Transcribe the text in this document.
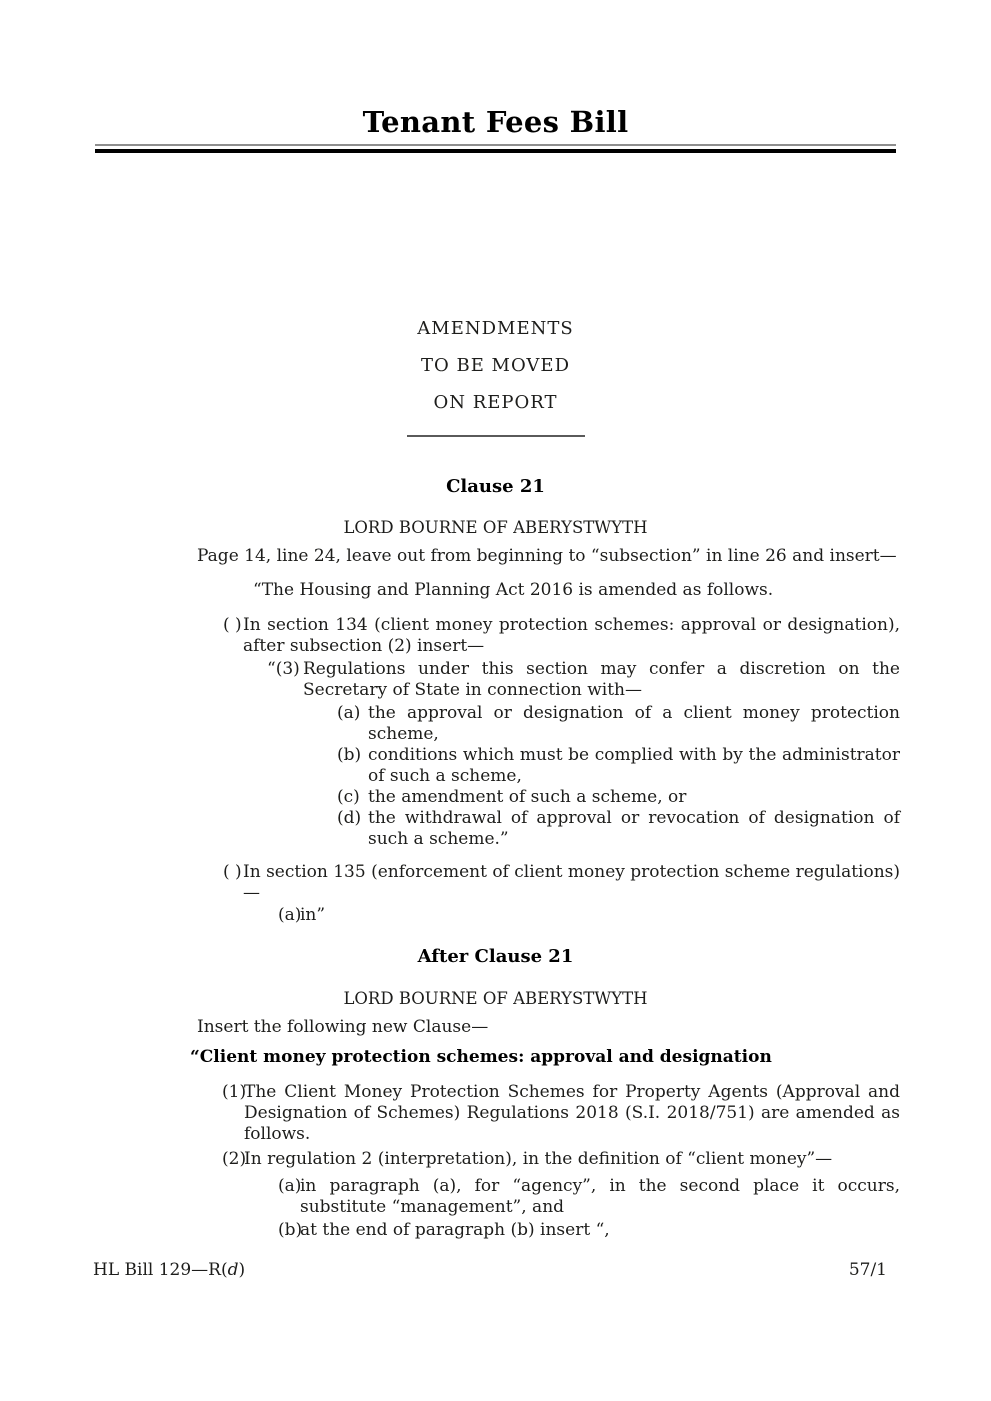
Tenant Fees Bill
AMENDMENTS
TO BE MOVED
ON REPORT
Clause 21
LORD BOURNE OF ABERYSTWYTH
Page 14, line 24, leave out from beginning to “subsection” in line 26 and insert—
“The Housing and Planning Act 2016 is amended as follows.
( ) In section 134 (client money protection schemes: approval or designation), after subsection (2) insert—
“(3) Regulations under this section may confer a discretion on the Secretary of State in connection with—
(a) the approval or designation of a client money protection scheme,
(b) conditions which must be complied with by the administrator of such a scheme,
(c) the amendment of such a scheme, or
(d) the withdrawal of approval or revocation of designation of such a scheme.”
( ) In section 135 (enforcement of client money protection scheme regulations)—
(a)
in”
After Clause 21
LORD BOURNE OF ABERYSTWYTH
Insert the following new Clause—
“Client money protection schemes: approval and designation
(1)
The Client Money Protection Schemes for Property Agents (Approval and Designation of Schemes) Regulations 2018 (S.I. 2018/751) are amended as follows.
(2)
In regulation 2 (interpretation), in the definition of “client money”—
(a)
in paragraph (a), for “agency”, in the second place it occurs, substitute “management”, and
(b)
at the end of paragraph (b) insert “,
HL Bill 129—R(d)	57/1
